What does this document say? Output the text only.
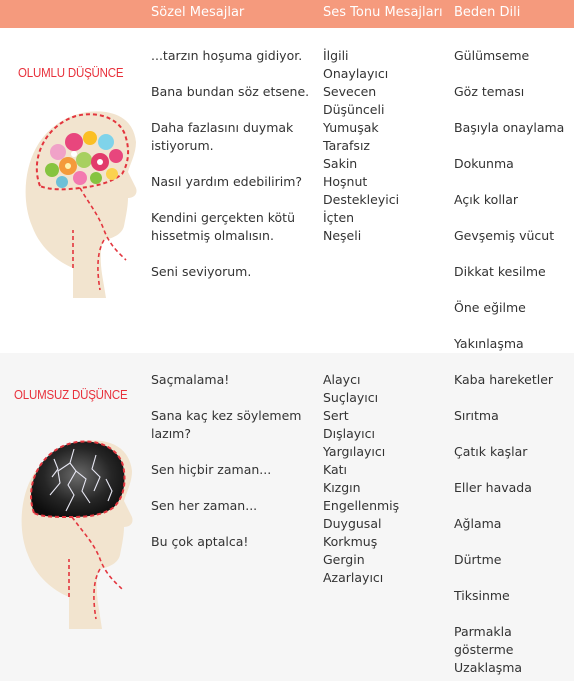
Sözel Mesajlar	Ses Tonu Mesajları Beden Dili
OLUMLU DÜŞÜNCE
...tarzın hoşuma gidiyor.
Bana bundan söz etsene.
Daha fazlasını duymak istiyorum.
Nasıl yardım edebilirim?
Kendini gerçekten kötü hissetmiş olmalısın.
Seni seviyorum.
İlgili
Onaylayıcı
Sevecen
Düşünceli
Yumuşak
Tarafsız
Sakin
Hoşnut
Destekleyici
İçten
Neşeli
Gülümseme
Göz teması
Başıyla onaylama
Dokunma
Açık kollar
Gevşemiş vücut
Dikkat kesilme
Öne eğilme
Yakınlaşma
OLUMSUZ DÜŞÜNCE
Saçmalama!
Sana kaç kez söylemem lazım?
Sen hiçbir zaman...
Sen her zaman...
Bu çok aptalca!
Alaycı
Suçlayıcı
Sert
Dışlayıcı
Yargılayıcı
Katı
Kızgın
Engellenmiş
Duygusal
Korkmuş
Gergin
Azarlayıcı
Kaba hareketler
Sırıtma
Çatık kaşlar
Eller havada
Ağlama
Dürtme
Tiksinme
Parmakla gösterme
Uzaklaşma
